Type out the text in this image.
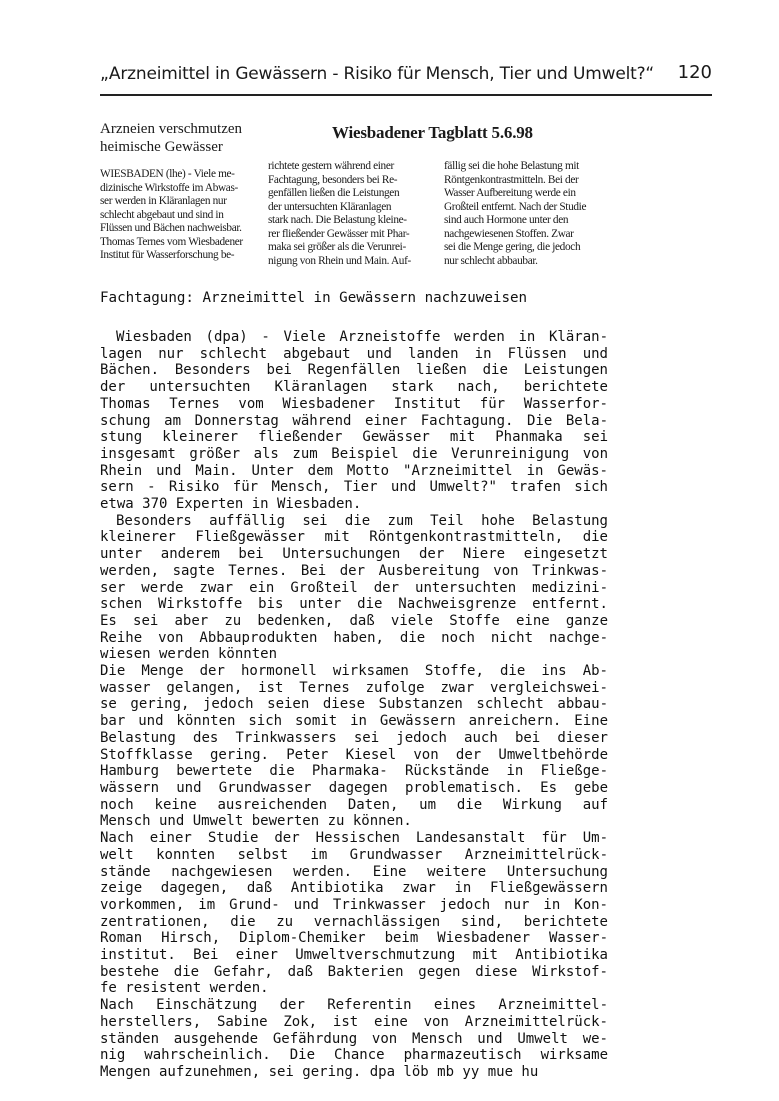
„Arzneimittel in Gewässern - Risiko für Mensch, Tier und Umwelt?“ 120
Arzneien verschmutzen
heimische Gewässer
Wiesbadener Tagblatt 5.6.98
WIESBADEN (lhe) - Viele me-
dizinische Wirkstoffe im Abwas-
ser werden in Kläranlagen nur
schlecht abgebaut und sind in
Flüssen und Bächen nachweisbar.
Thomas Ternes vom Wiesbadener
Institut für Wasserforschung be-
richtete gestern während einer
Fachtagung, besonders bei Re-
genfällen ließen die Leistungen
der untersuchten Kläranlagen
stark nach. Die Belastung kleine-
rer fließender Gewässer mit Phar-
maka sei größer als die Verunrei-
nigung von Rhein und Main. Auf-
fällig sei die hohe Belastung mit
Röntgenkontrastmitteln. Bei der
Wasser Aufbereitung werde ein
Großteil entfernt. Nach der Studie
sind auch Hormone unter den
nachgewiesenen Stoffen. Zwar
sei die Menge gering, die jedoch
nur schlecht abbaubar.
Fachtagung: Arzneimittel in Gewässern nachzuweisen
Wiesbaden (dpa) - Viele Arzneistoffe werden in Kläran-
lagen nur schlecht abgebaut und landen in Flüssen und
Bächen. Besonders bei Regenfällen ließen die Leistungen
der untersuchten Kläranlagen stark nach, berichtete
Thomas Ternes vom Wiesbadener Institut für Wasserfor-
schung am Donnerstag während einer Fachtagung. Die Bela-
stung kleinerer fließender Gewässer mit Phanmaka sei
insgesamt größer als zum Beispiel die Verunreinigung von
Rhein und Main. Unter dem Motto "Arzneimittel in Gewäs-
sern - Risiko für Mensch, Tier und Umwelt?" trafen sich
etwa 370 Experten in Wiesbaden.
Besonders auffällig sei die zum Teil hohe Belastung
kleinerer Fließgewässer mit Röntgenkontrastmitteln, die
unter anderem bei Untersuchungen der Niere eingesetzt
werden, sagte Ternes. Bei der Ausbereitung von Trinkwas-
ser werde zwar ein Großteil der untersuchten medizini-
schen Wirkstoffe bis unter die Nachweisgrenze entfernt.
Es sei aber zu bedenken, daß viele Stoffe eine ganze
Reihe von Abbauprodukten haben, die noch nicht nachge-
wiesen werden könnten
Die Menge der hormonell wirksamen Stoffe, die ins Ab-
wasser gelangen, ist Ternes zufolge zwar vergleichswei-
se gering, jedoch seien diese Substanzen schlecht abbau-
bar und könnten sich somit in Gewässern anreichern. Eine
Belastung des Trinkwassers sei jedoch auch bei dieser
Stoffklasse gering. Peter Kiesel von der Umweltbehörde
Hamburg bewertete die Pharmaka- Rückstände in Fließge-
wässern und Grundwasser dagegen problematisch. Es gebe
noch keine ausreichenden Daten, um die Wirkung auf
Mensch und Umwelt bewerten zu können.
Nach einer Studie der Hessischen Landesanstalt für Um-
welt konnten selbst im Grundwasser Arzneimittelrück-
stände nachgewiesen werden. Eine weitere Untersuchung
zeige dagegen, daß Antibiotika zwar in Fließgewässern
vorkommen, im Grund- und Trinkwasser jedoch nur in Kon-
zentrationen, die zu vernachlässigen sind, berichtete
Roman Hirsch, Diplom-Chemiker beim Wiesbadener Wasser-
institut. Bei einer Umweltverschmutzung mit Antibiotika
bestehe die Gefahr, daß Bakterien gegen diese Wirkstof-
fe resistent werden.
Nach Einschätzung der Referentin eines Arzneimittel-
herstellers, Sabine Zok, ist eine von Arzneimittelrück-
ständen ausgehende Gefährdung von Mensch und Umwelt we-
nig wahrscheinlich. Die Chance pharmazeutisch wirksame
Mengen aufzunehmen, sei gering. dpa löb mb yy mue hu
